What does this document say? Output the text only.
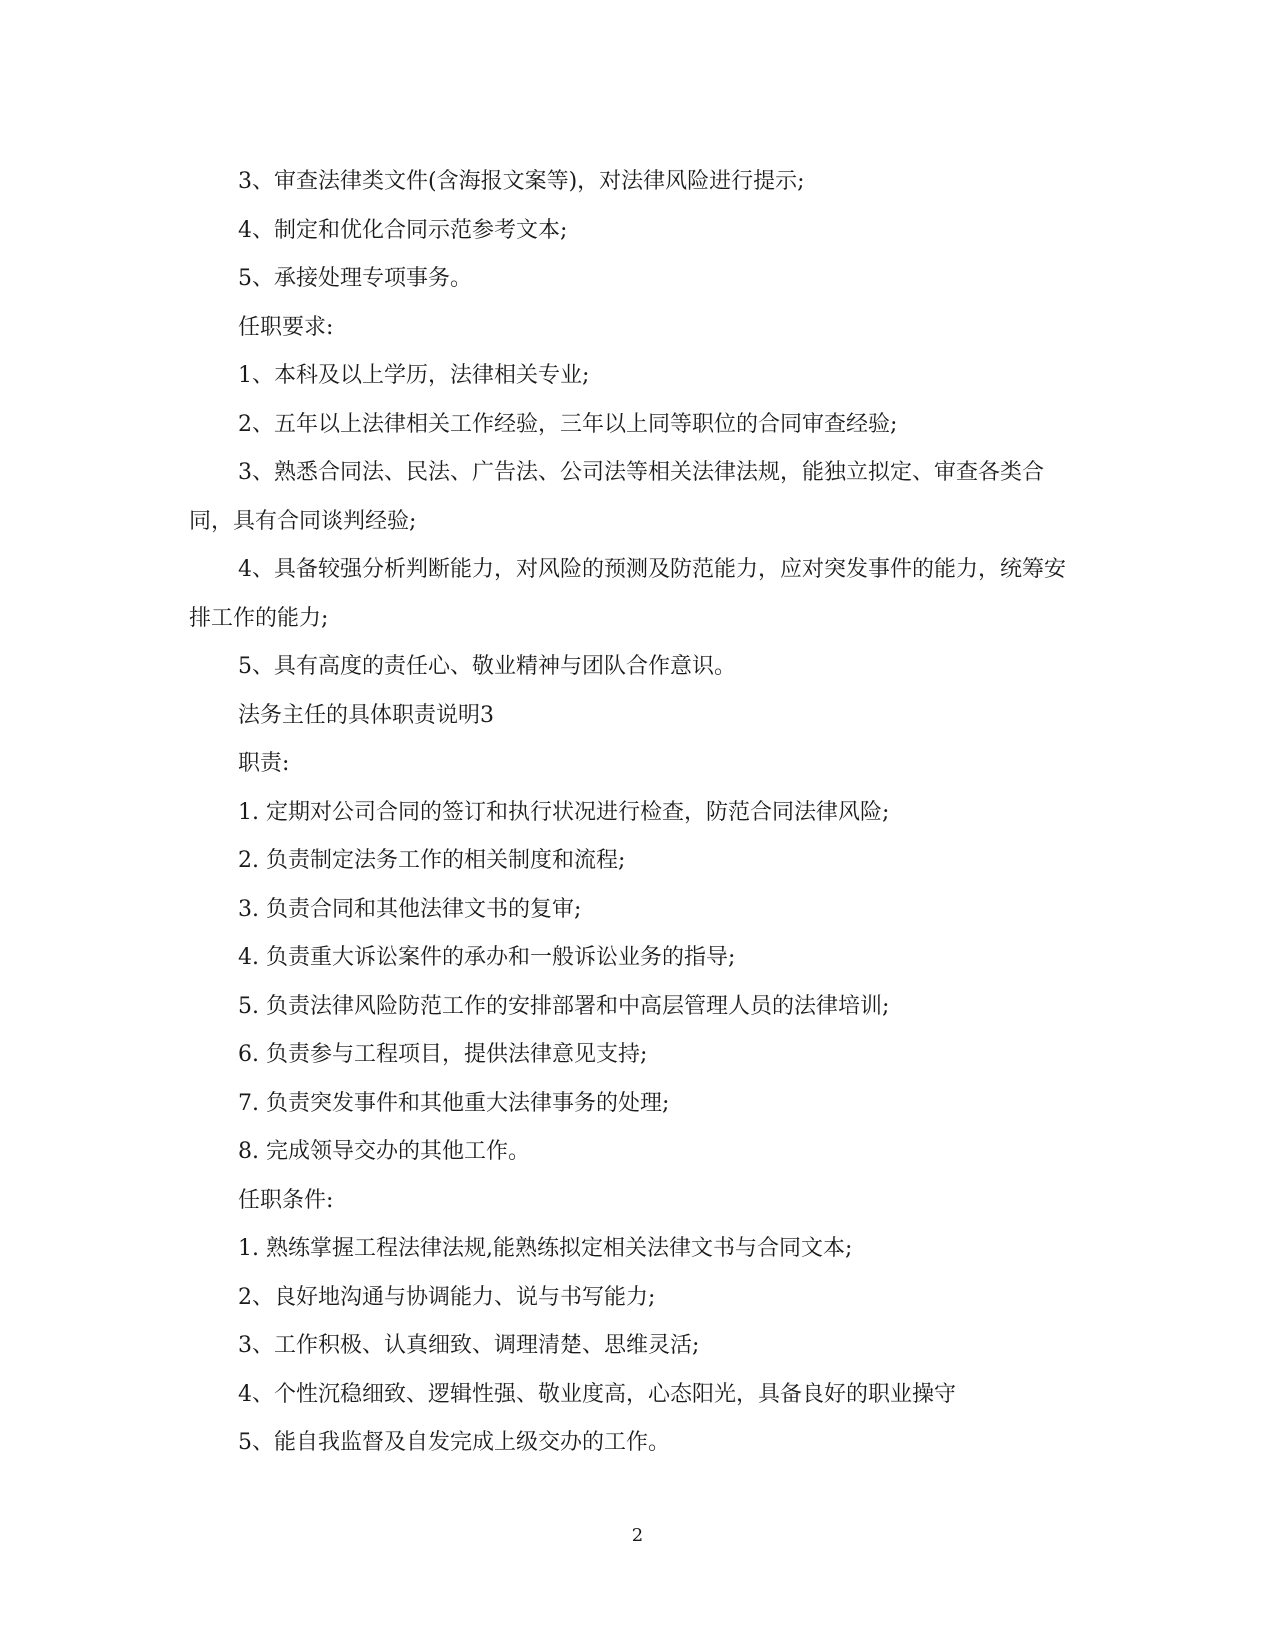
3、审查法律类文件(含海报文案等)，对法律风险进行提示;

4、制定和优化合同示范参考文本;

5、承接处理专项事务。

任职要求:

1、本科及以上学历，法律相关专业;

2、五年以上法律相关工作经验，三年以上同等职位的合同审查经验;

3、熟悉合同法、民法、广告法、公司法等相关法律法规，能独立拟定、审查各类合同，具有合同谈判经验;

4、具备较强分析判断能力，对风险的预测及防范能力，应对突发事件的能力，统筹安排工作的能力;

5、具有高度的责任心、敬业精神与团队合作意识。

法务主任的具体职责说明3

职责:

1. 定期对公司合同的签订和执行状况进行检查，防范合同法律风险;

2. 负责制定法务工作的相关制度和流程;

3. 负责合同和其他法律文书的复审;

4. 负责重大诉讼案件的承办和一般诉讼业务的指导;

5. 负责法律风险防范工作的安排部署和中高层管理人员的法律培训;

6. 负责参与工程项目，提供法律意见支持;

7. 负责突发事件和其他重大法律事务的处理;

8. 完成领导交办的其他工作。

任职条件:

1. 熟练掌握工程法律法规,能熟练拟定相关法律文书与合同文本;

2、良好地沟通与协调能力、说与书写能力;

3、工作积极、认真细致、调理清楚、思维灵活;

4、个性沉稳细致、逻辑性强、敬业度高，心态阳光，具备良好的职业操守

5、能自我监督及自发完成上级交办的工作。

2
